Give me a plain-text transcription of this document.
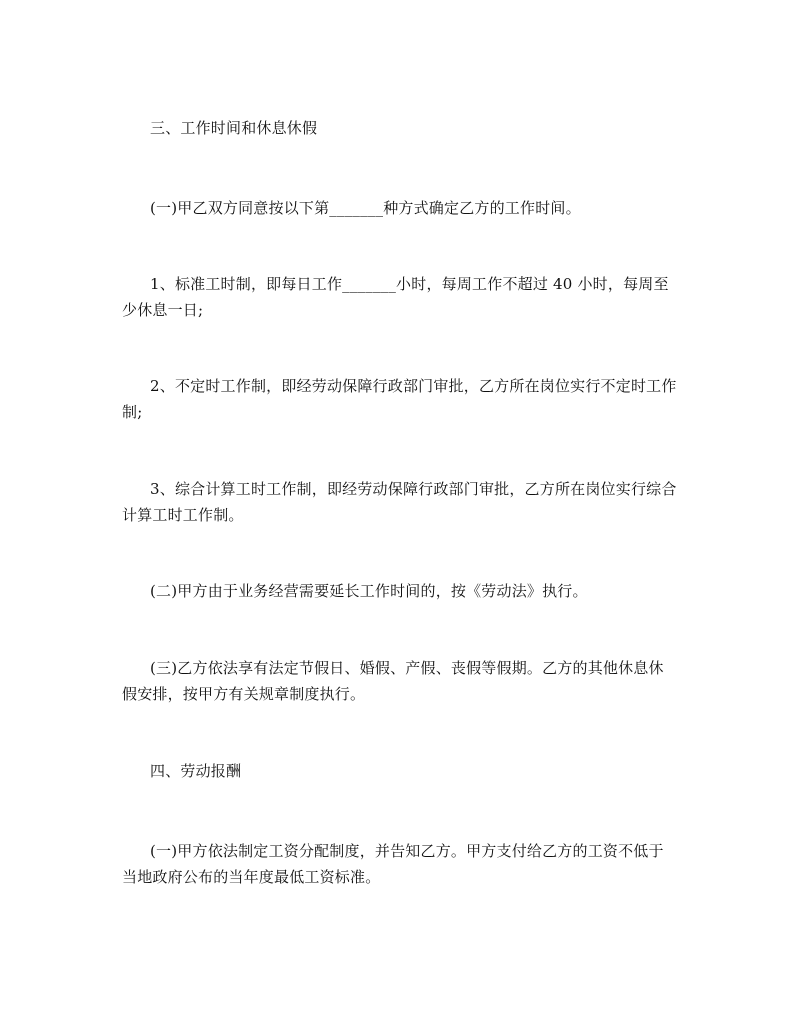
三、工作时间和休息休假
(一)甲乙双方同意按以下第_______种方式确定乙方的工作时间。
1、标准工时制，即每日工作_______小时，每周工作不超过 40 小时，每周至少休息一日;
2、不定时工作制，即经劳动保障行政部门审批，乙方所在岗位实行不定时工作制;
3、综合计算工时工作制，即经劳动保障行政部门审批，乙方所在岗位实行综合计算工时工作制。
(二)甲方由于业务经营需要延长工作时间的，按《劳动法》执行。
(三)乙方依法享有法定节假日、婚假、产假、丧假等假期。乙方的其他休息休假安排，按甲方有关规章制度执行。
四、劳动报酬
(一)甲方依法制定工资分配制度，并告知乙方。甲方支付给乙方的工资不低于当地政府公布的当年度最低工资标准。
